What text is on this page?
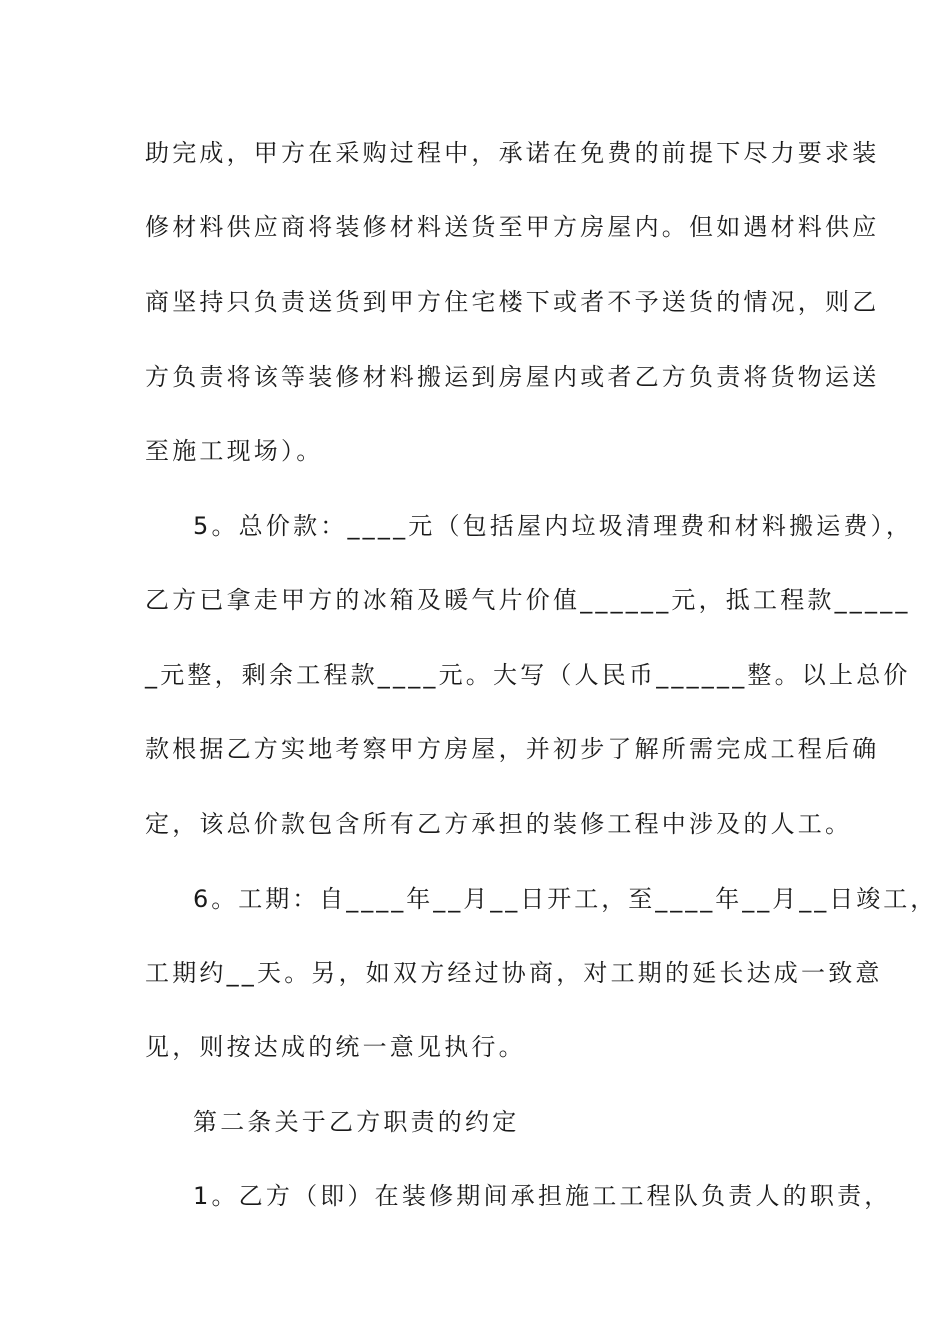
助完成，甲方在采购过程中，承诺在免费的前提下尽力要求装
修材料供应商将装修材料送货至甲方房屋内。但如遇材料供应
商坚持只负责送货到甲方住宅楼下或者不予送货的情况，则乙
方负责将该等装修材料搬运到房屋内或者乙方负责将货物运送
至施工现场）。
5。总价款：____元（包括屋内垃圾清理费和材料搬运费），
乙方已拿走甲方的冰箱及暖气片价值______元，抵工程款_____
_元整，剩余工程款____元。大写（人民币______整。以上总价
款根据乙方实地考察甲方房屋，并初步了解所需完成工程后确
定，该总价款包含所有乙方承担的装修工程中涉及的人工。
6。工期：自____年__月__日开工，至____年__月__日竣工，
工期约__天。另，如双方经过协商，对工期的延长达成一致意
见，则按达成的统一意见执行。
第二条关于乙方职责的约定
1。乙方（即）在装修期间承担施工工程队负责人的职责，
